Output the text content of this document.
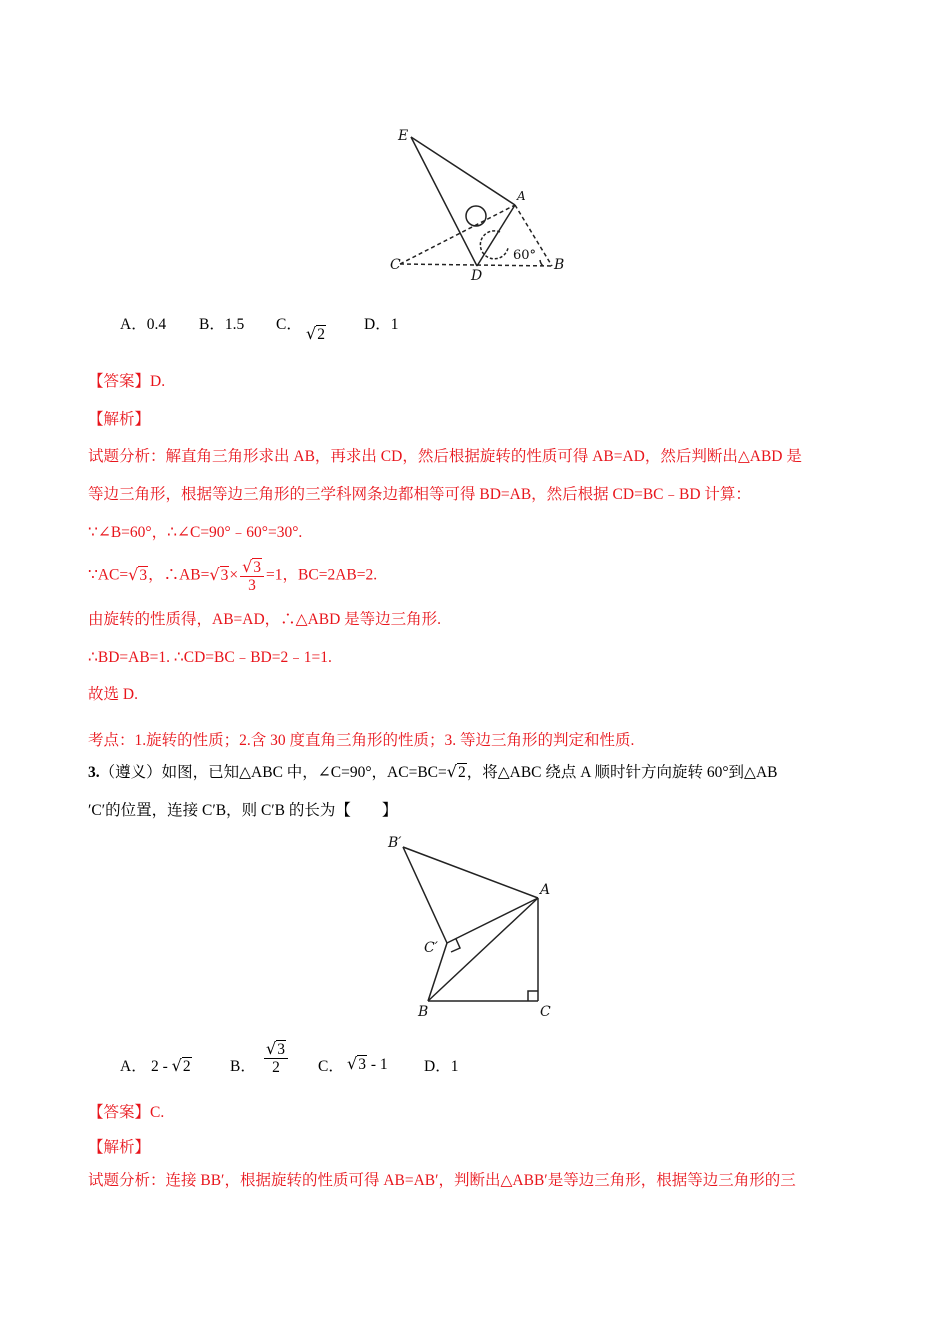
E
A
C
D
B
60°
A．0.4 B．1.5 C． √2
D．1
【答案】D.
【解析】
试题分析：解直角三角形求出 AB，再求出 CD，然后根据旋转的性质可得 AB=AD，然后判断出△ABD 是
等边三角形，根据等边三角形的三学科网条边都相等可得 BD=AB，然后根据 CD=BC﹣BD 计算：
∵∠B=60°，∴∠C=90°﹣60°=30°.
∵AC=√3，∴AB=√3× $\frac{√3}{3} =1$，BC=2AB=2.
由旋转的性质得，AB=AD，∴△ABD 是等边三角形.
∴BD=AB=1. ∴CD=BC﹣BD=2﹣1=1.
故选 D.
考点：1.旋转的性质；2.含 30 度直角三角形的性质；3. 等边三角形的判定和性质.
3.（遵义）如图，已知△ABC 中，∠C=90°，AC=BC=√2，将△ABC 绕点 A 顺时针方向旋转 60°到△AB
′C′的位置，连接 C′B，则 C′B 的长为【　　】
B′
A
C′
B	C
A． 2 - √2	B． $\frac{√3}{2}$ C． √3 - 1 D．1
【答案】C.
【解析】
试题分析：连接 BB′，根据旋转的性质可得 AB=AB′，判断出△ABB′是等边三角形，根据等边三角形的三
